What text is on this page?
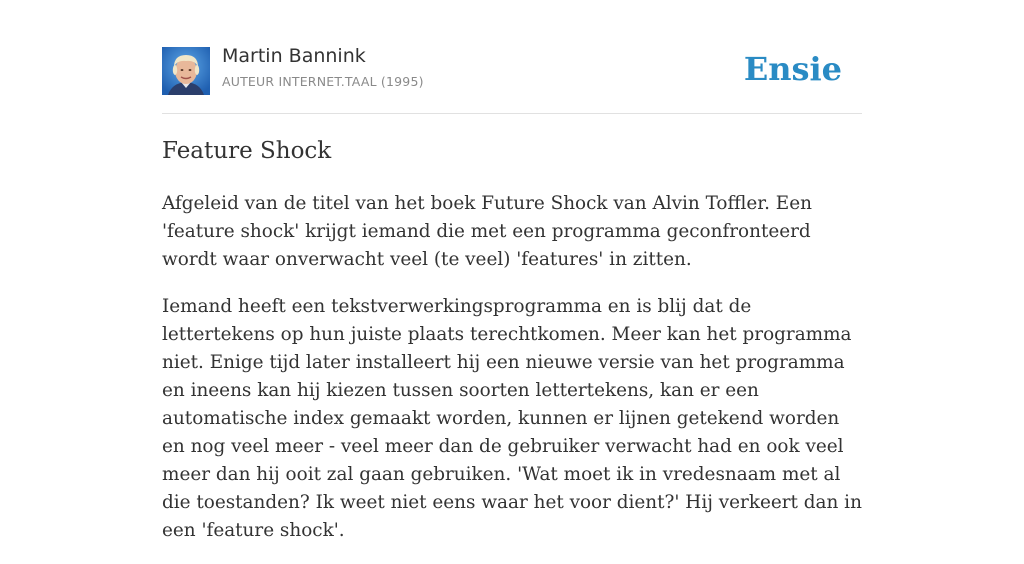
Martin Bannink
AUTEUR INTERNET.TAAL (1995)	Ensie
Feature Shock

Afgeleid van de titel van het boek Future Shock van Alvin Toffler. Een 'feature shock' krijgt iemand die met een programma geconfronteerd wordt waar onverwacht veel (te veel) 'features' in zitten.

Iemand heeft een tekstverwerkingsprogramma en is blij dat de lettertekens op hun juiste plaats terechtkomen. Meer kan het programma niet. Enige tijd later installeert hij een nieuwe versie van het programma en ineens kan hij kiezen tussen soorten lettertekens, kan er een automatische index gemaakt worden, kunnen er lijnen getekend worden en nog veel meer - veel meer dan de gebruiker verwacht had en ook veel meer dan hij ooit zal gaan gebruiken. 'Wat moet ik in vredesnaam met al die toestanden? Ik weet niet eens waar het voor dient?' Hij verkeert dan in een 'feature shock'.
